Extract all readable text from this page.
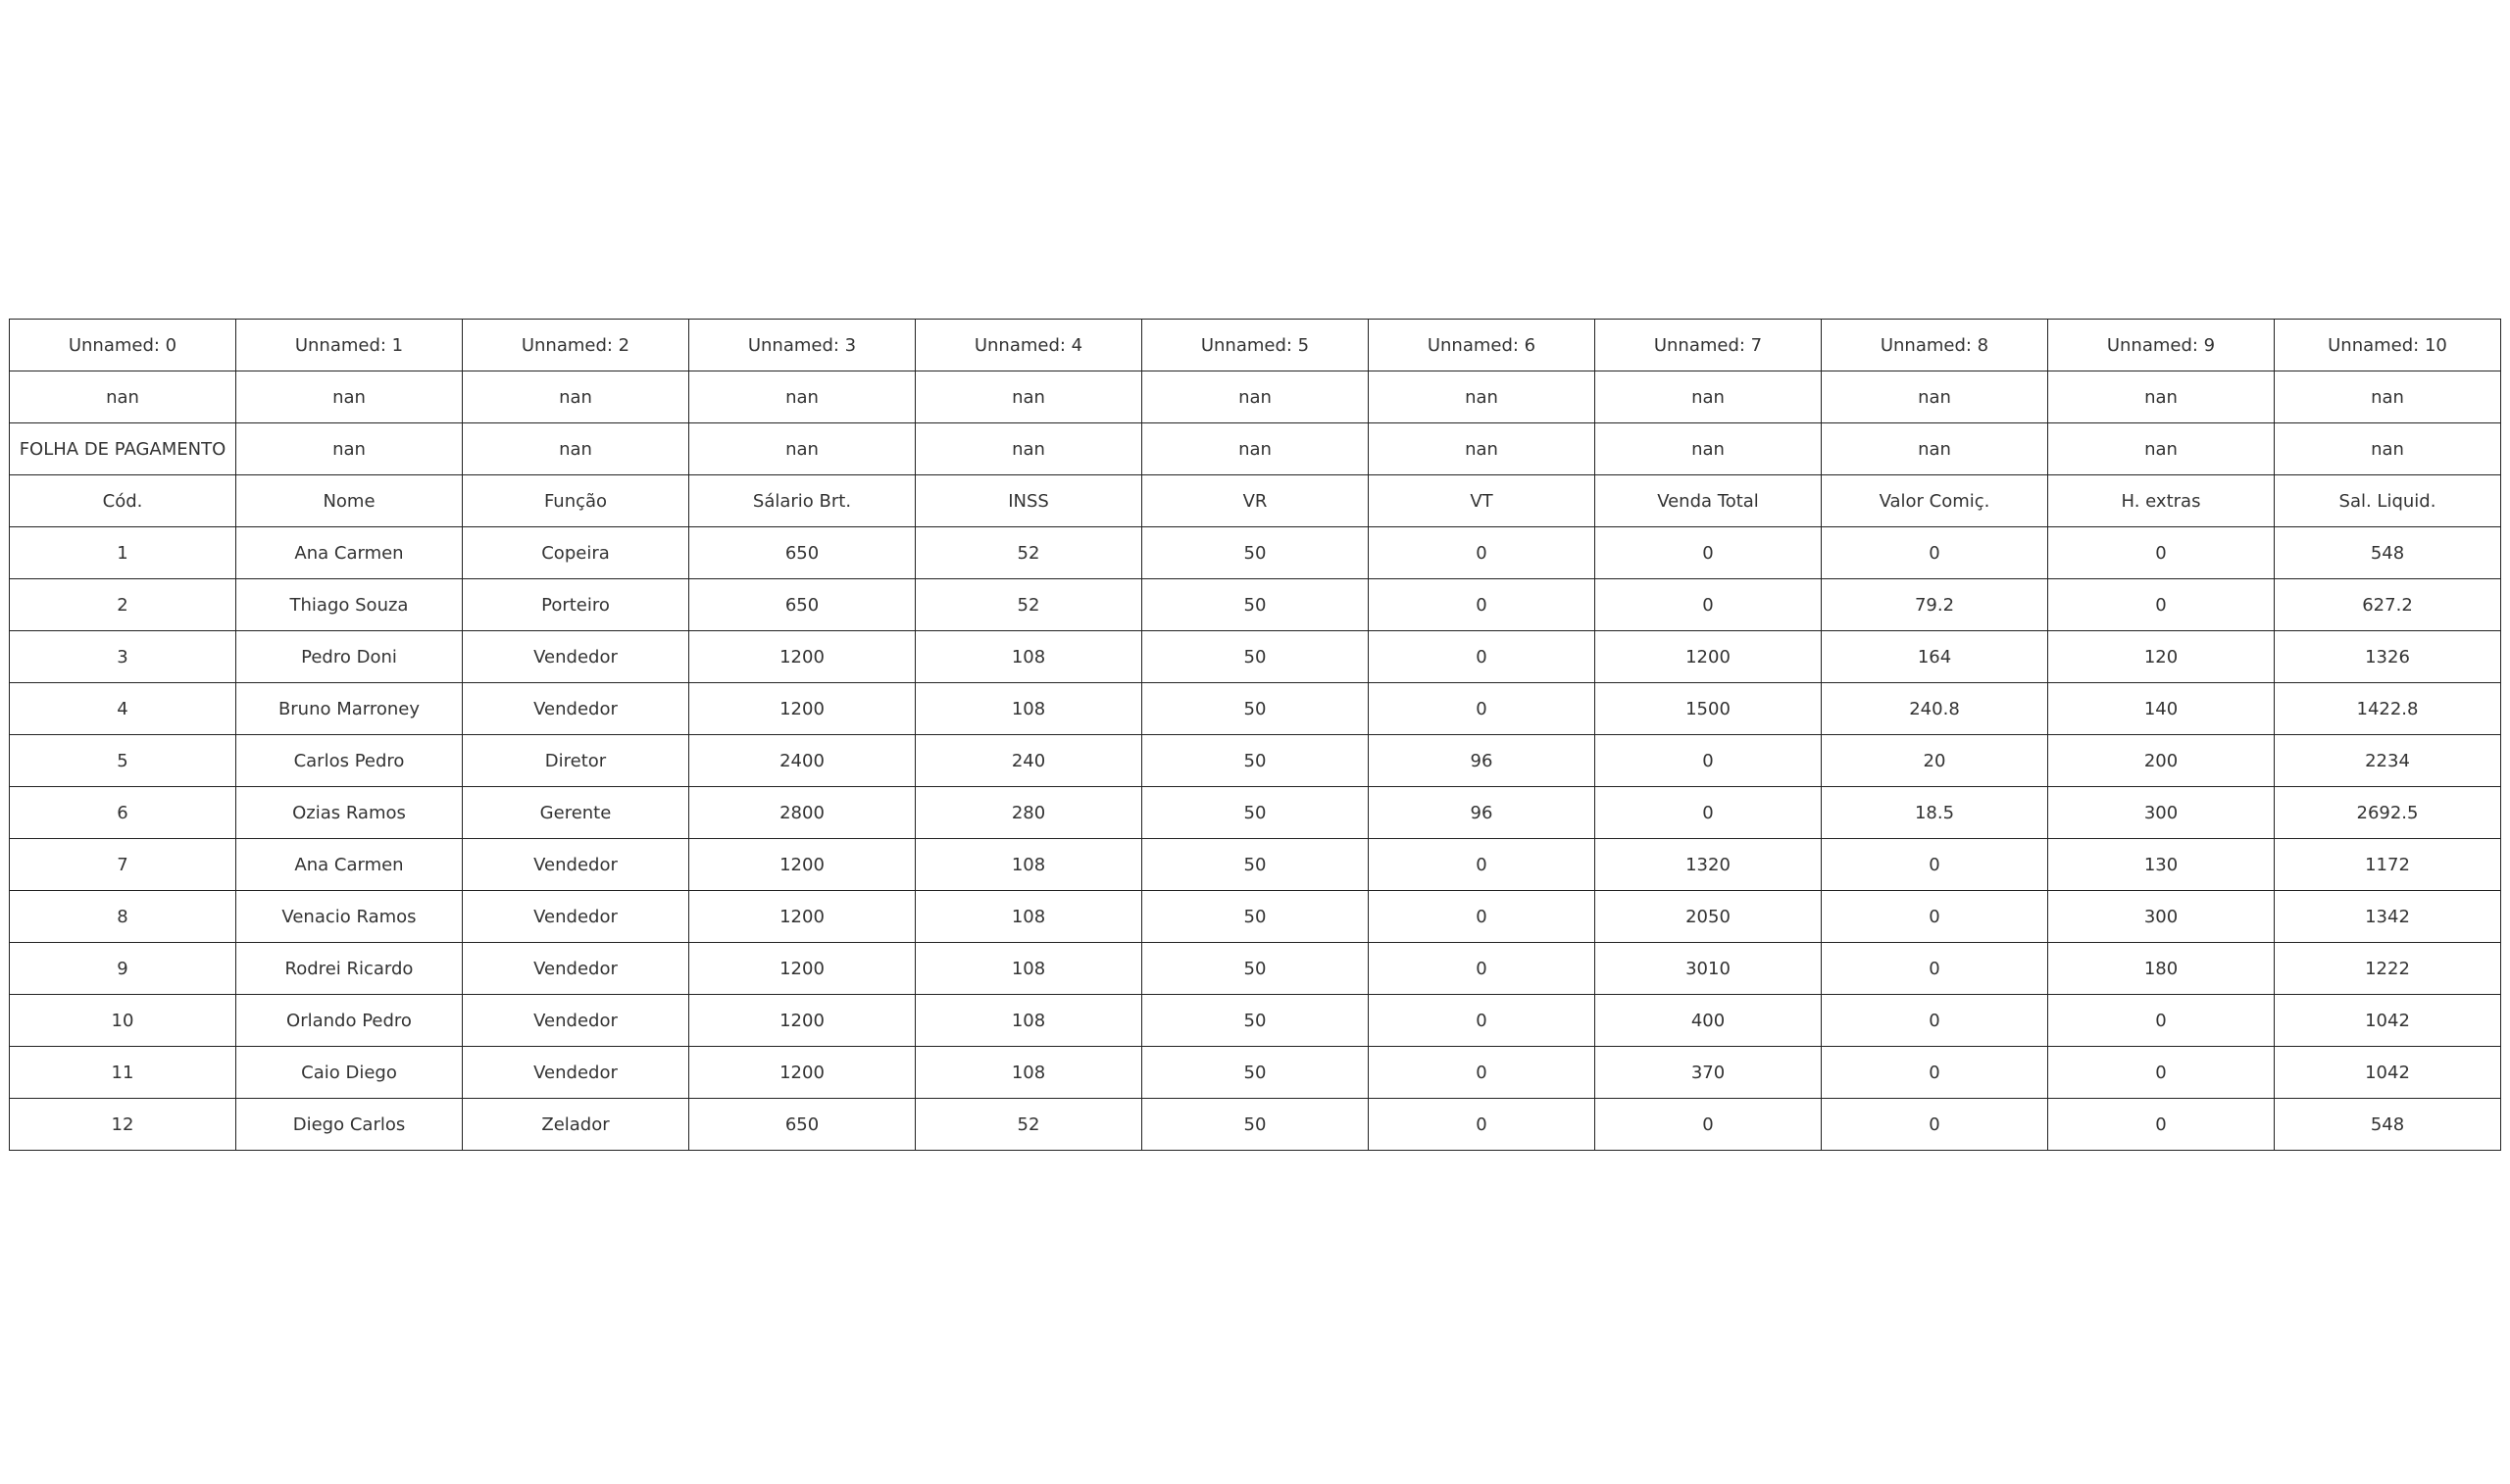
Unnamed: 0	Unnamed: 1	Unnamed: 2	Unnamed: 3	Unnamed: 4	Unnamed: 5	Unnamed: 6	Unnamed: 7	Unnamed: 8	Unnamed: 9	Unnamed: 10
nan	nan	nan	nan	nan	nan	nan	nan	nan	nan	nan
FOLHA DE PAGAMENTO	nan	nan	nan	nan	nan	nan	nan	nan	nan	nan
Cód.	Nome	Função	Sálario Brt.	INSS	VR	VT	Venda Total	Valor Comiç.	H. extras	Sal. Liquid.
1	Ana Carmen	Copeira	650	52	50	0	0	0	0	548
2	Thiago Souza	Porteiro	650	52	50	0	0	79.2	0	627.2
3	Pedro Doni	Vendedor	1200	108	50	0	1200	164	120	1326
4	Bruno Marroney	Vendedor	1200	108	50	0	1500	240.8	140	1422.8
5	Carlos Pedro	Diretor	2400	240	50	96	0	20	200	2234
6	Ozias Ramos	Gerente	2800	280	50	96	0	18.5	300	2692.5
7	Ana Carmen	Vendedor	1200	108	50	0	1320	0	130	1172
8	Venacio Ramos	Vendedor	1200	108	50	0	2050	0	300	1342
9	Rodrei Ricardo	Vendedor	1200	108	50	0	3010	0	180	1222
10	Orlando Pedro	Vendedor	1200	108	50	0	400	0	0	1042
11	Caio Diego	Vendedor	1200	108	50	0	370	0	0	1042
12	Diego Carlos	Zelador	650	52	50	0	0	0	0	548
